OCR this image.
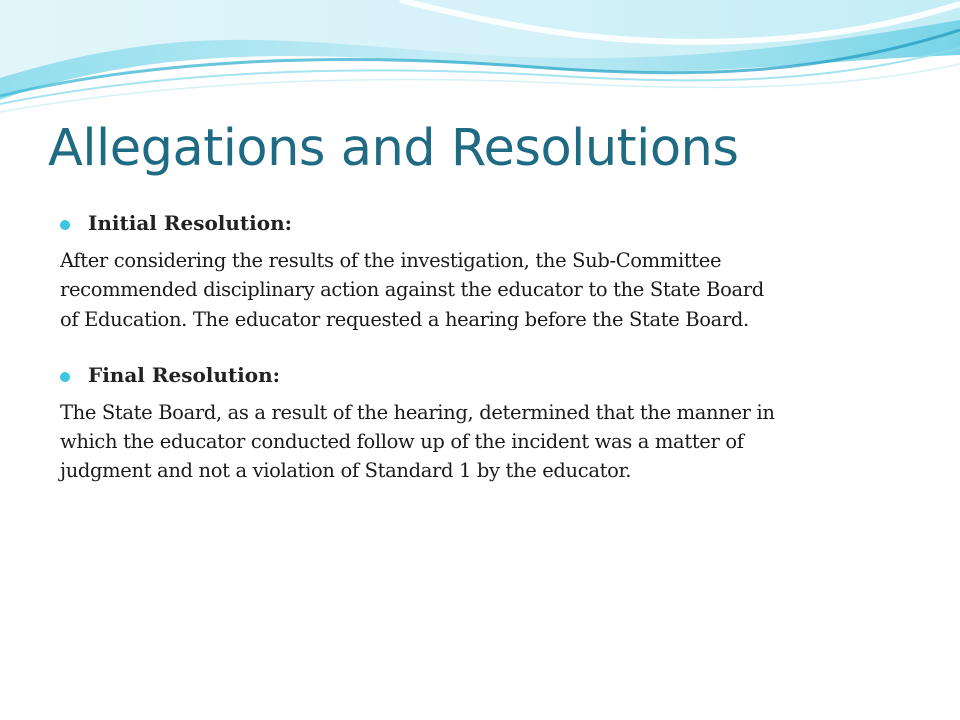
Allegations and Resolutions
Initial Resolution:
After considering the results of the investigation, the Sub-Committee
recommended disciplinary action against the educator to the State Board
of Education. The educator requested a hearing before the State Board.
Final Resolution:
The State Board, as a result of the hearing, determined that the manner in
which the educator conducted follow up of the incident was a matter of
judgment and not a violation of Standard 1 by the educator.
